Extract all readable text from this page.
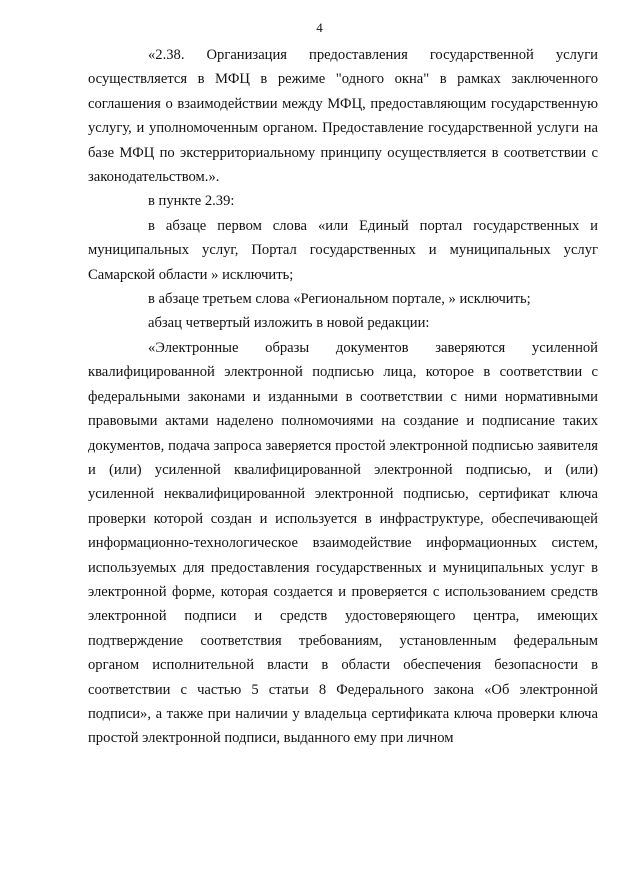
4

«2.38. Организация предоставления государственной услуги осуществляется в МФЦ в режиме "одного окна" в рамках заключенного соглашения о взаимодействии между МФЦ, предоставляющим государственную услугу, и уполномоченным органом. Предоставление государственной услуги на базе МФЦ по экстерриториальному принципу осуществляется в соответствии с законодательством.».

в пункте 2.39:

в абзаце первом слова «или Единый портал государственных и муниципальных услуг, Портал государственных и муниципальных услуг Самарской области » исключить;

в абзаце третьем слова «Региональном портале, » исключить;

абзац четвертый изложить в новой редакции:

«Электронные образы документов заверяются усиленной квалифицированной электронной подписью лица, которое в соответствии с федеральными законами и изданными в соответствии с ними нормативными правовыми актами наделено полномочиями на создание и подписание таких документов, подача запроса заверяется простой электронной подписью заявителя и (или) усиленной квалифицированной электронной подписью, и (или) усиленной неквалифицированной электронной подписью, сертификат ключа проверки которой создан и используется в инфраструктуре, обеспечивающей информационно-технологическое взаимодействие информационных систем, используемых для предоставления государственных и муниципальных услуг в электронной форме, которая создается и проверяется с использованием средств электронной подписи и средств удостоверяющего центра, имеющих подтверждение соответствия требованиям, установленным федеральным органом исполнительной власти в области обеспечения безопасности в соответствии с частью 5 статьи 8 Федерального закона «Об электронной подписи», а также при наличии у владельца сертификата ключа проверки ключа простой электронной подписи, выданного ему при личном
